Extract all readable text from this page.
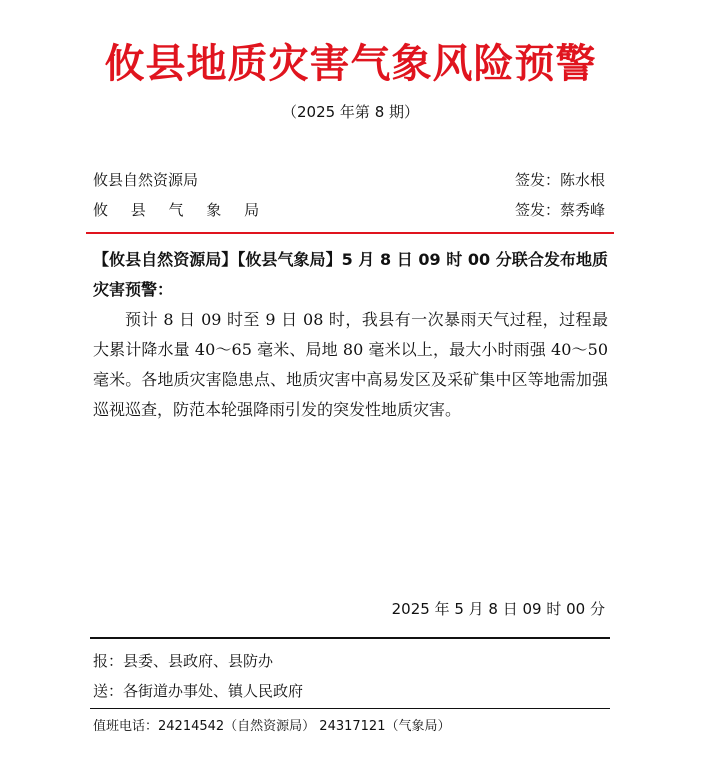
攸县地质灾害气象风险预警
（2025 年第 8 期）
攸县自然资源局	签发：陈水根
攸 县 气 象 局	签发：蔡秀峰

【攸县自然资源局】【攸县气象局】5 月 8 日 09 时 00 分联合发布地质灾害预警：

预计 8 日 09 时至 9 日 08 时，我县有一次暴雨天气过程，过程最大累计降水量 40～65 毫米、局地 80 毫米以上，最大小时雨强 40～50 毫米。各地质灾害隐患点、地质灾害中高易发区及采矿集中区等地需加强巡视巡查，防范本轮强降雨引发的突发性地质灾害。

2025 年 5 月 8 日 09 时 00 分
报：县委、县政府、县防办
送：各街道办事处、镇人民政府
值班电话：24214542（自然资源局） 24317121（气象局）
